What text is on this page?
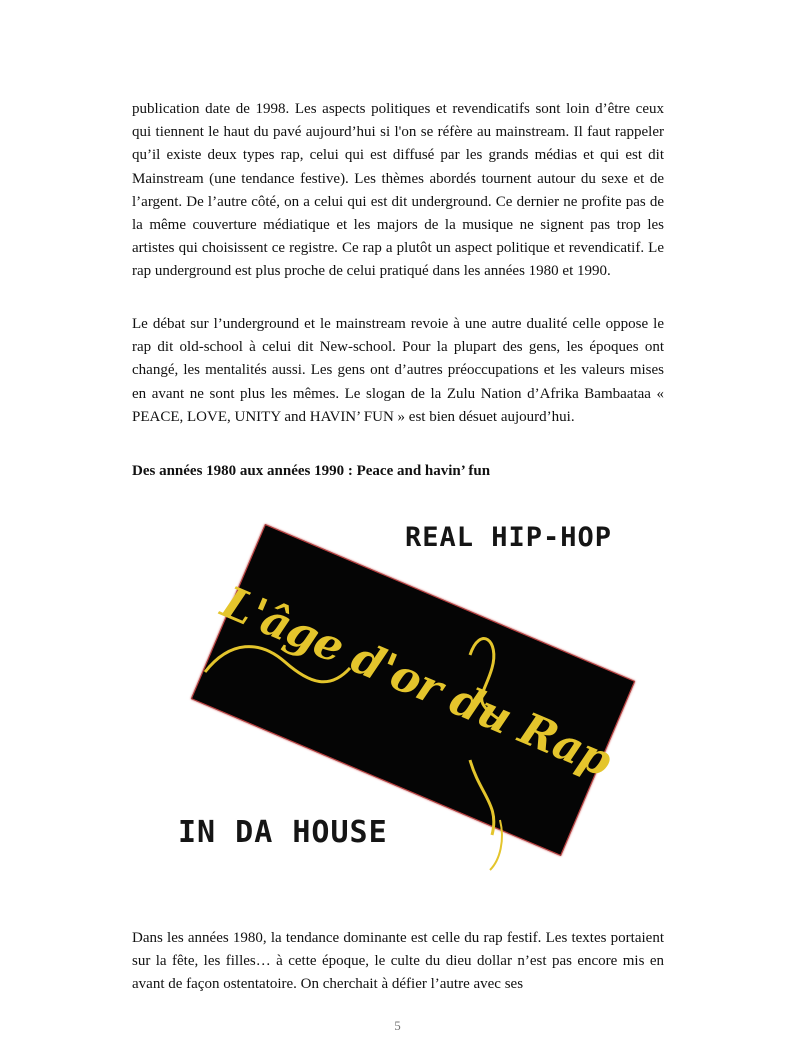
publication date de 1998. Les aspects politiques et revendicatifs sont loin d’être ceux qui tiennent le haut du pavé aujourd’hui si l'on se réfère au mainstream. Il faut rappeler qu’il existe deux types rap, celui qui est diffusé par les grands médias et qui est dit Mainstream (une tendance festive). Les thèmes abordés tournent autour du sexe et de l’argent. De l’autre côté, on a celui qui est dit underground. Ce dernier ne profite pas de la même couverture médiatique et les majors de la musique ne signent pas trop les artistes qui choisissent ce registre. Ce rap a plutôt un aspect politique et revendicatif. Le rap underground est plus proche de celui pratiqué dans les années 1980 et 1990.

Le débat sur l’underground et le mainstream revoie à une autre dualité celle oppose le rap dit old-school à celui dit New-school. Pour la plupart des gens, les époques ont changé, les mentalités aussi. Les gens ont d’autres préoccupations et les valeurs mises en avant ne sont plus les mêmes. Le slogan de la Zulu Nation d’Afrika Bambaataa « PEACE, LOVE, UNITY and HAVIN’ FUN » est bien désuet aujourd’hui.

Des années 1980 aux années 1990 : Peace and havin’ fun

L'âge d'or du Rap
REAL HIP-HOP
IN DA HOUSE

Dans les années 1980, la tendance dominante est celle du rap festif. Les textes portaient sur la fête, les filles… à cette époque, le culte du dieu dollar n’est pas encore mis en avant de façon ostentatoire. On cherchait à défier l’autre avec ses

5
